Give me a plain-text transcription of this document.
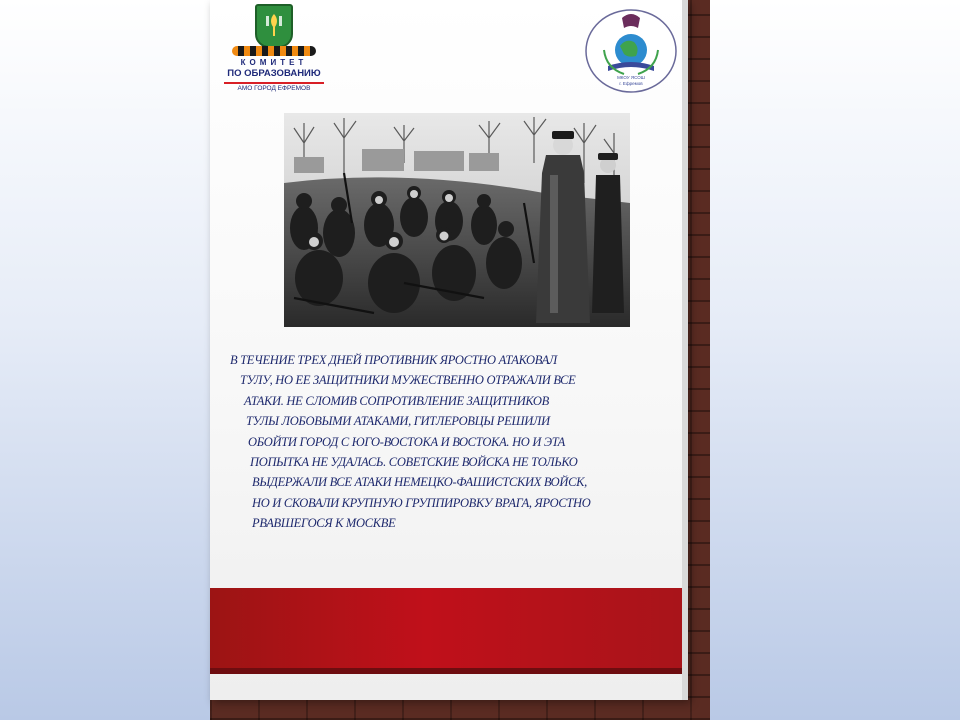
КОМИТЕТ
ПО ОБРАЗОВАНИЮ
АМО ГОРОД ЕФРЕМОВ
МКОУ ЯСОШ
г. Ефремов
В ТЕЧЕНИЕ ТРЕХ ДНЕЙ ПРОТИВНИК ЯРОСТНО АТАКОВАЛ
ТУЛУ, НО ЕЕ ЗАЩИТНИКИ МУЖЕСТВЕННО ОТРАЖАЛИ ВСЕ
АТАКИ. НЕ СЛОМИВ СОПРОТИВЛЕНИЕ ЗАЩИТНИКОВ
ТУЛЫ ЛОБОВЫМИ АТАКАМИ, ГИТЛЕРОВЦЫ РЕШИЛИ
ОБОЙТИ ГОРОД С ЮГО-ВОСТОКА И ВОСТОКА. НО И ЭТА
ПОПЫТКА НЕ УДАЛАСЬ. СОВЕТСКИЕ ВОЙСКА НЕ ТОЛЬКО
ВЫДЕРЖАЛИ ВСЕ АТАКИ НЕМЕЦКО-ФАШИСТСКИХ ВОЙСК,
НО И СКОВАЛИ КРУПНУЮ ГРУППИРОВКУ ВРАГА, ЯРОСТНО
РВАВШЕГОСЯ К МОСКВЕ
